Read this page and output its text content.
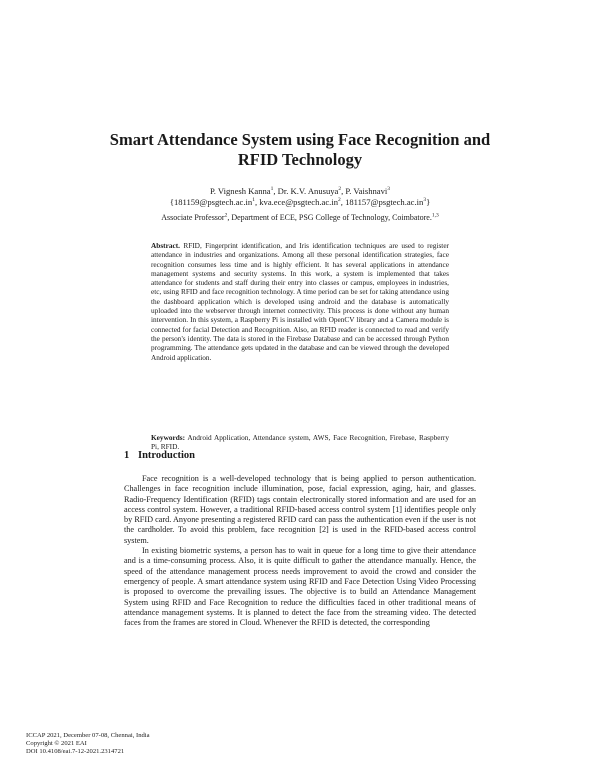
Smart Attendance System using Face Recognition and RFID Technology
P. Vignesh Kanna$^1$, Dr. K.V. Anusuya$^2$, P. Vaishnavi$^3$
{$181159@psgtech.ac.in^1$, $kva.ece@psgtech.ac.in^2$, $181157@psgtech.ac.in^3$}
Associate Professor$^2$, Department of ECE, PSG College of Technology, Coimbatore.$^{1,3}$
Abstract. RFID, Fingerprint identification, and Iris identification techniques are used to register attendance in industries and organizations. Among all these personal identification strategies, face recognition consumes less time and is highly efficient. It has several applications in attendance management systems and security systems. In this work, a system is implemented that takes attendance for students and staff during their entry into classes or campus, employees in industries, etc, using RFID and face recognition technology. A time period can be set for taking attendance using the dashboard application which is developed using android and the database is automatically uploaded into the webserver through internet connectivity. This process is done without any human intervention. In this system, a Raspberry Pi is installed with OpenCV library and a Camera module is connected for facial Detection and Recognition. Also, an RFID reader is connected to read and verify the person's identity. The data is stored in the Firebase Database and can be accessed through Python programming. The attendance gets updated in the database and can be viewed through the developed Android application.
Keywords: Android Application, Attendance system, AWS, Face Recognition, Firebase, Raspberry Pi, RFID.
1 Introduction

Face recognition is a well-developed technology that is being applied to person authentication. Challenges in face recognition include illumination, pose, facial expression, aging, hair, and glasses. Radio-Frequency Identification (RFID) tags contain electronically stored information and are used for an access control system. However, a traditional RFID-based access control system [1] identifies people only by RFID card. Anyone presenting a registered RFID card can pass the authentication even if the user is not the cardholder. To avoid this problem, face recognition [2] is used in the RFID-based access control system.

In existing biometric systems, a person has to wait in queue for a long time to give their attendance and is a time-consuming process. Also, it is quite difficult to gather the attendance manually. Hence, the speed of the attendance management process needs improvement to avoid the crowd and consider the emergency of people. A smart attendance system using RFID and Face Detection Using Video Processing is proposed to overcome the prevailing issues. The objective is to build an Attendance Management System using RFID and Face Recognition to reduce the difficulties faced in other traditional means of attendance management systems. It is planned to detect the face from the streaming video. The detected faces from the frames are stored in Cloud. Whenever the RFID is detected, the corresponding

ICCAP 2021, December 07-08, Chennai, India
Copyright © 2021 EAI
DOI 10.4108/eai.7-12-2021.2314721
